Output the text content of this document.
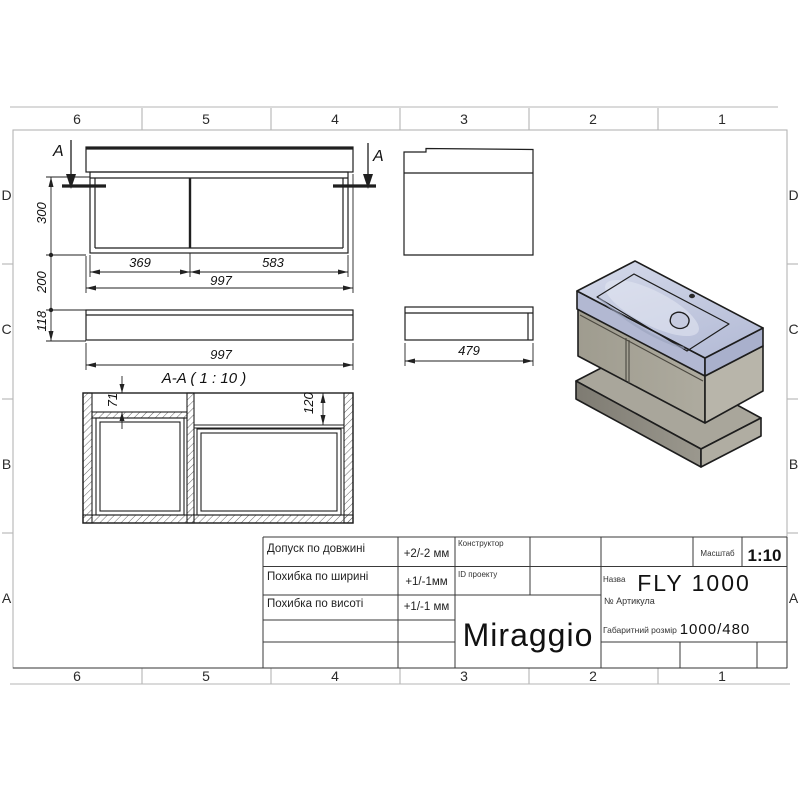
6	5	4	3	2	1
6	5	4	3	2	1
D
C
B
A
D
C
B
A
300
200
118
369	583
997
997	479
71	120
A-A ( 1 : 10 )
A	A
Допуск по довжині	+2/-2 мм
Похибка по ширині	+1/-1мм
Похибка по висоті	+1/-1 мм
Конструктор
ID проекту
Miraggio
Масштаб 1:10
Назва FLY 1000
№ Артикула
Габаритний розмір 1000/480
